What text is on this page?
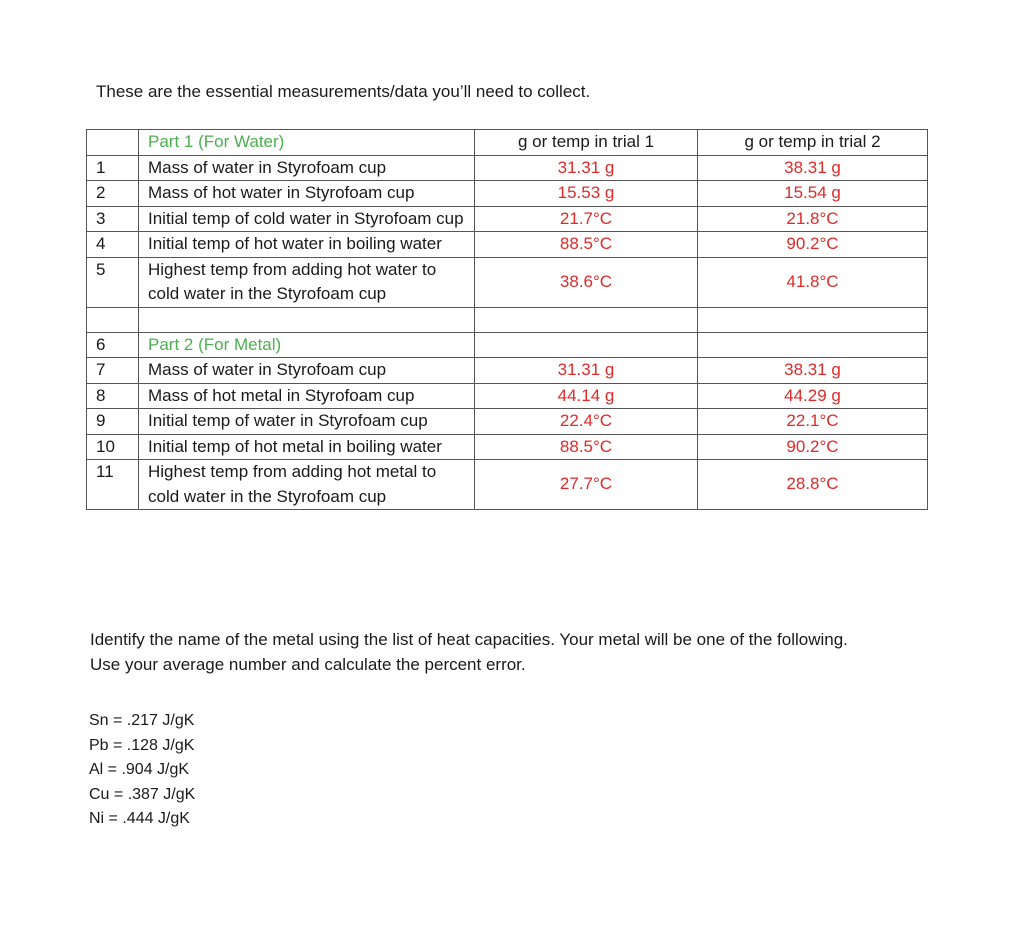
These are the essential measurements/data you’ll need to collect.
	Part 1 (For Water)	g or temp in trial 1	g or temp in trial 2
1	Mass of water in Styrofoam cup	31.31 g	38.31 g
2	Mass of hot water in Styrofoam cup	15.53 g	15.54 g
3	Initial temp of cold water in Styrofoam cup	21.7°C	21.8°C
4	Initial temp of hot water in boiling water	88.5°C	90.2°C
5	Highest temp from adding hot water to cold water in the Styrofoam cup	38.6°C	41.8°C

6	Part 2 (For Metal)		
7	Mass of water in Styrofoam cup	31.31 g	38.31 g
8	Mass of hot metal in Styrofoam cup	44.14 g	44.29 g
9	Initial temp of water in Styrofoam cup	22.4°C	22.1°C
10	Initial temp of hot metal in boiling water	88.5°C	90.2°C
11	Highest temp from adding hot metal to cold water in the Styrofoam cup	27.7°C	28.8°C
Identify the name of the metal using the list of heat capacities. Your metal will be one of the following. Use your average number and calculate the percent error.
Sn = .217 J/gK
Pb = .128 J/gK
Al = .904 J/gK
Cu = .387 J/gK
Ni = .444 J/gK
